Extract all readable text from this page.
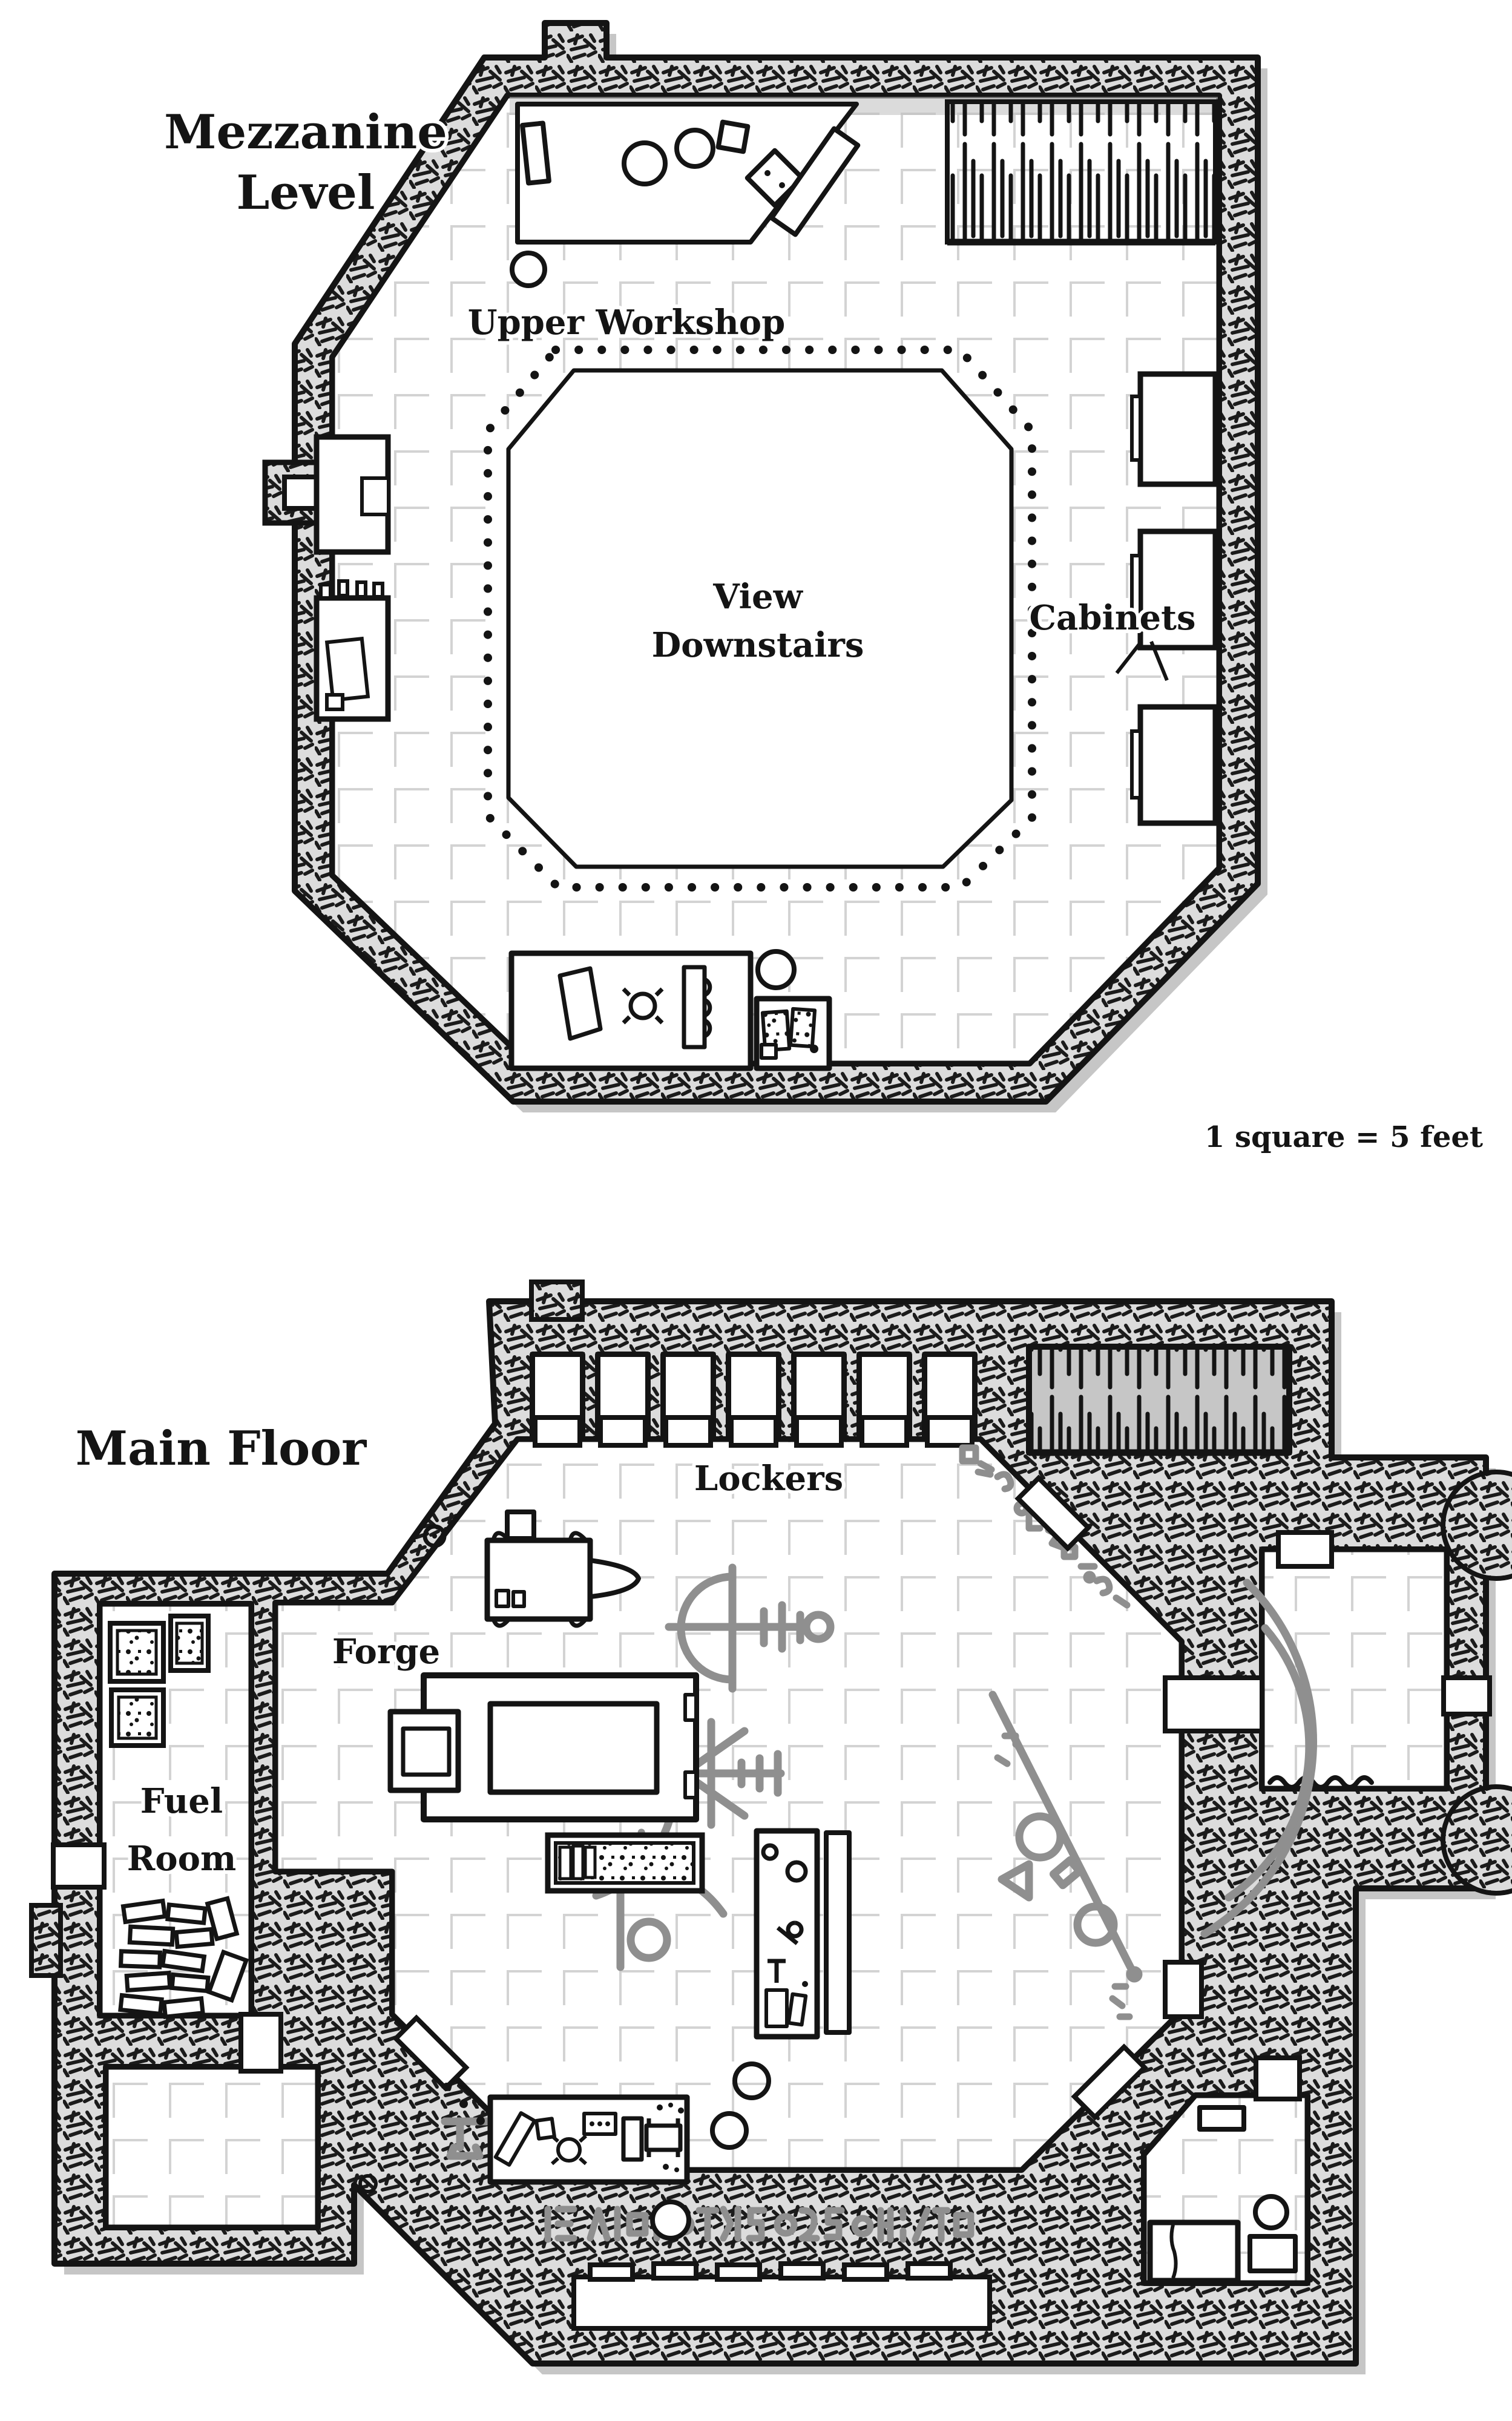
Mezzanine
Level
Upper Workshop
View
Downstairs
Cabinets
1 square = 5 feet
Main Floor
Lockers
Forge
Fuel
Room
